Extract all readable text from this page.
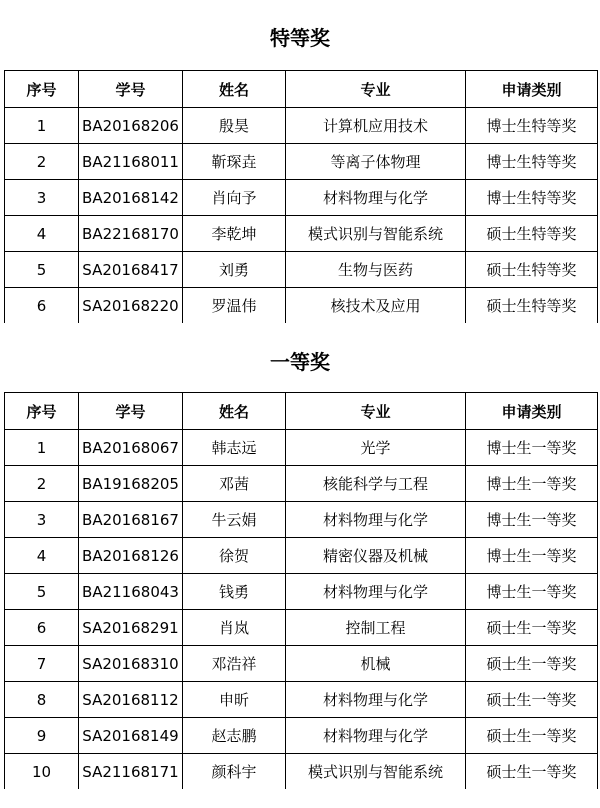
特等奖
序号	学号	姓名	专业	申请类别
1	BA20168206	殷昊	计算机应用技术	博士生特等奖
2	BA21168011	靳琛垚	等离子体物理	博士生特等奖
3	BA20168142	肖向予	材料物理与化学	博士生特等奖
4	BA22168170	李乾坤	模式识别与智能系统	硕士生特等奖
5	SA20168417	刘勇	生物与医药	硕士生特等奖
6	SA20168220	罗温伟	核技术及应用	硕士生特等奖
一等奖
序号	学号	姓名	专业	申请类别
1	BA20168067	韩志远	光学	博士生一等奖
2	BA19168205	邓茜	核能科学与工程	博士生一等奖
3	BA20168167	牛云娟	材料物理与化学	博士生一等奖
4	BA20168126	徐贺	精密仪器及机械	博士生一等奖
5	BA21168043	钱勇	材料物理与化学	博士生一等奖
6	SA20168291	肖岚	控制工程	硕士生一等奖
7	SA20168310	邓浩祥	机械	硕士生一等奖
8	SA20168112	申昕	材料物理与化学	硕士生一等奖
9	SA20168149	赵志鹏	材料物理与化学	硕士生一等奖
10	SA21168171	颜科宇	模式识别与智能系统	硕士生一等奖
